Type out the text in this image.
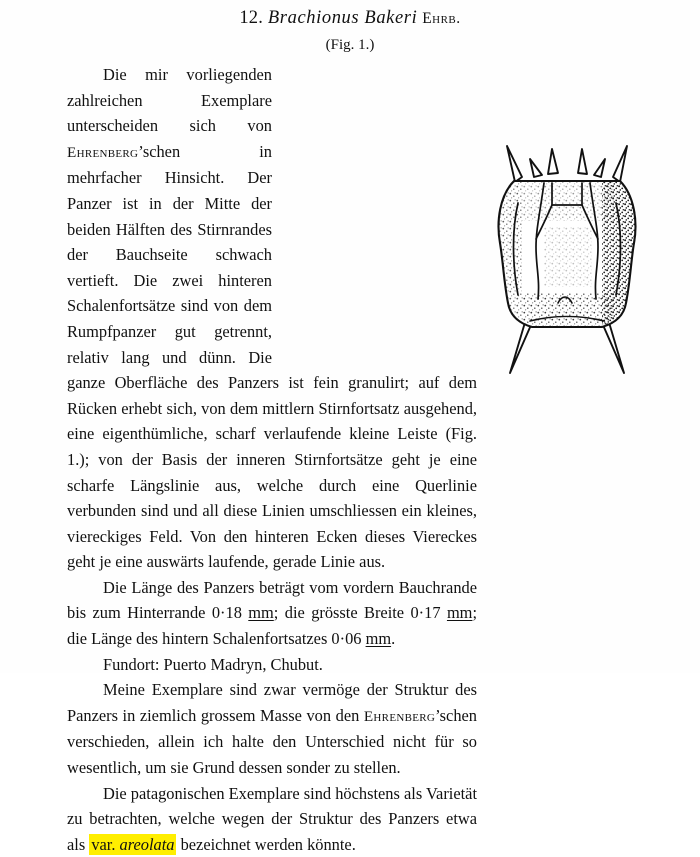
12. Brachionus Bakeri Ehrb.
(Fig. 1.)

Die mir vorliegenden zahlreichen Exemplare unterscheiden sich von Ehrenberg’schen in mehrfacher Hinsicht. Der Panzer ist in der Mitte der beiden Hälften des Stirnrandes der Bauchseite schwach vertieft. Die zwei hinteren Schalenfortsätze sind von dem Rumpfpanzer gut getrennt, relativ lang und dünn. Die ganze Oberfläche des Panzers ist fein granulirt; auf dem Rücken erhebt sich, von dem mittlern Stirnfortsatz ausgehend, eine eigenthümliche, scharf verlaufende kleine Leiste (Fig. 1.); von der Basis der inneren Stirnfortsätze geht je eine scharfe Längslinie aus, welche durch eine Querlinie verbunden sind und all diese Linien umschliessen ein kleines, viereckiges Feld. Von den hinteren Ecken dieses Viereckes geht je eine auswärts laufende, gerade Linie aus.

Die Länge des Panzers beträgt vom vordern Bauchrande bis zum Hinterrande 0·18 mm; die grösste Breite 0·17 mm; die Länge des hintern Schalenfortsatzes 0·06 mm.

Fundort: Puerto Madryn, Chubut.

Meine Exemplare sind zwar vermöge der Struktur des Panzers in ziemlich grossem Masse von den Ehrenberg’schen verschieden, allein ich halte den Unterschied nicht für so wesentlich, um sie Grund dessen sonder zu stellen.

Die patagonischen Exemplare sind höchstens als Varietät zu betrachten, welche wegen der Struktur des Panzers etwa als var. areolata bezeichnet werden könnte.
